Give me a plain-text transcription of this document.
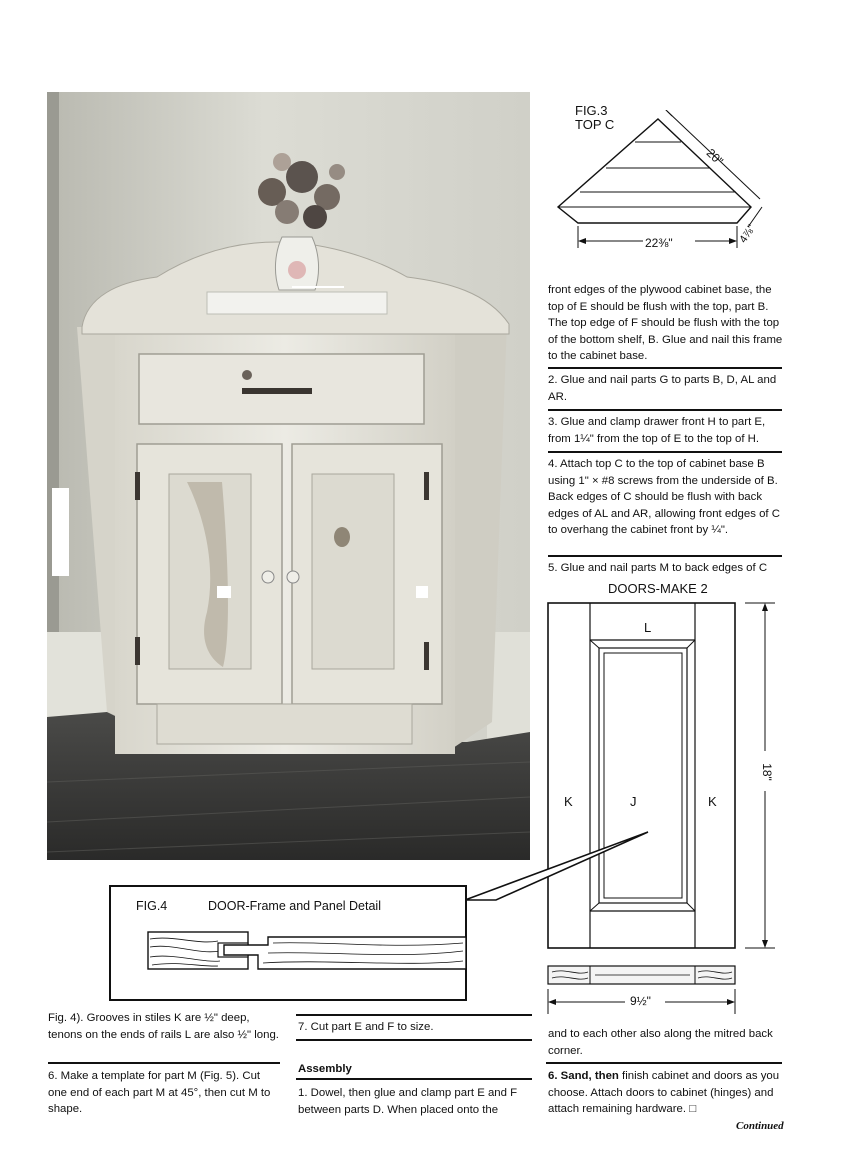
FIG.3
TOP C
20"
22⅜"	4⅞"
front edges of the plywood cabinet base, the top of E should be flush with the top, part B. The top edge of F should be flush with the top of the bottom shelf, B. Glue and nail this frame to the cabinet base.
2. Glue and nail parts G to parts B, D, AL and AR.
3. Glue and clamp drawer front H to part E, from 1¼" from the top of E to the top of H.
4. Attach top C to the top of cabinet base B using 1" × #8 screws from the underside of B. Back edges of C should be flush with back edges of AL and AR, allowing front edges of C to overhang the cabinet front by ¼".
5. Glue and nail parts M to back edges of C
DOORS-MAKE 2
L
K	J	K
18"
9½"
FIG.4	DOOR-Frame and Panel Detail
Fig. 4). Grooves in stiles K are ½" deep, tenons on the ends of rails L are also ½" long.
6. Make a template for part M (Fig. 5). Cut one end of each part M at 45°, then cut M to shape.
7. Cut part E and F to size.
Assembly
1. Dowel, then glue and clamp part E and F between parts D. When placed onto the
and to each other also along the mitred back corner.
6. Sand, then finish cabinet and doors as you choose. Attach doors to cabinet (hinges) and attach remaining hardware. □
Continued
